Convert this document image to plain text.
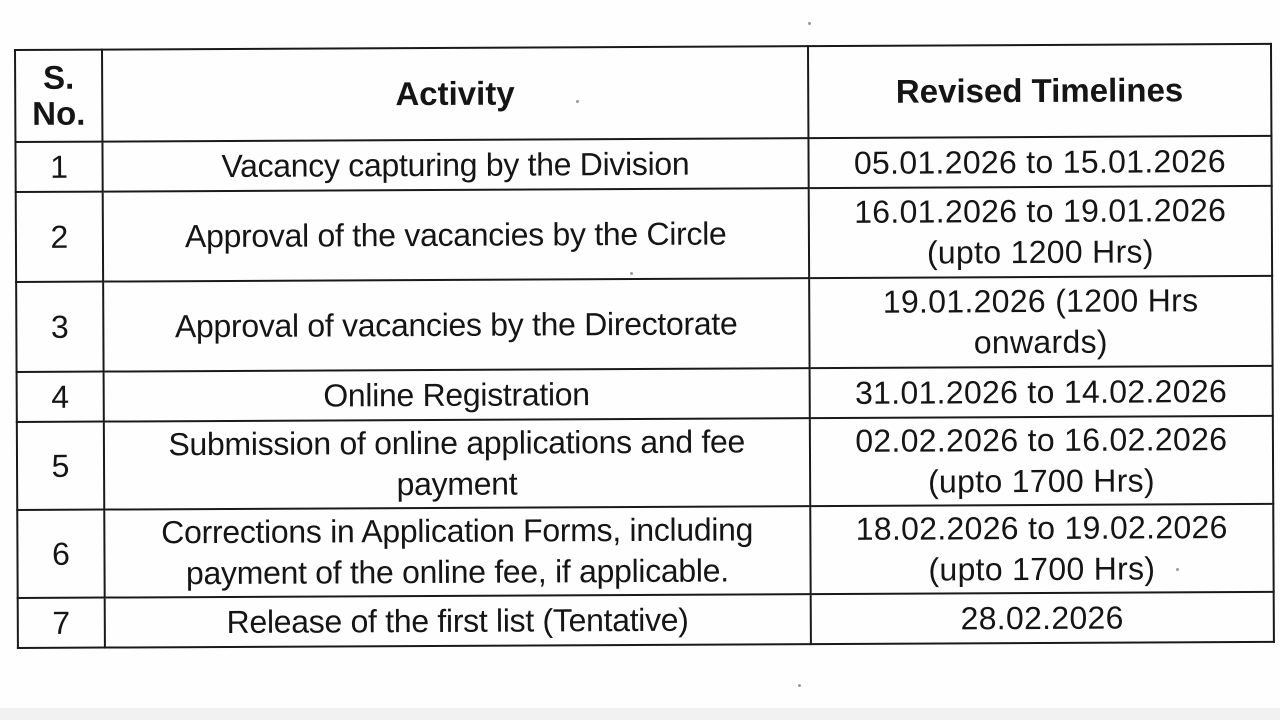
S. No.	Activity	Revised Timelines
1	Vacancy capturing by the Division	05.01.2026 to 15.01.2026
2	Approval of the vacancies by the Circle	16.01.2026 to 19.01.2026 (upto 1200 Hrs)
3	Approval of vacancies by the Directorate	19.01.2026 (1200 Hrs onwards)
4	Online Registration	31.01.2026 to 14.02.2026
5	Submission of online applications and fee payment	02.02.2026 to 16.02.2026 (upto 1700 Hrs)
6	Corrections in Application Forms, including payment of the online fee, if applicable.	18.02.2026 to 19.02.2026 (upto 1700 Hrs)
7	Release of the first list (Tentative)	28.02.2026
